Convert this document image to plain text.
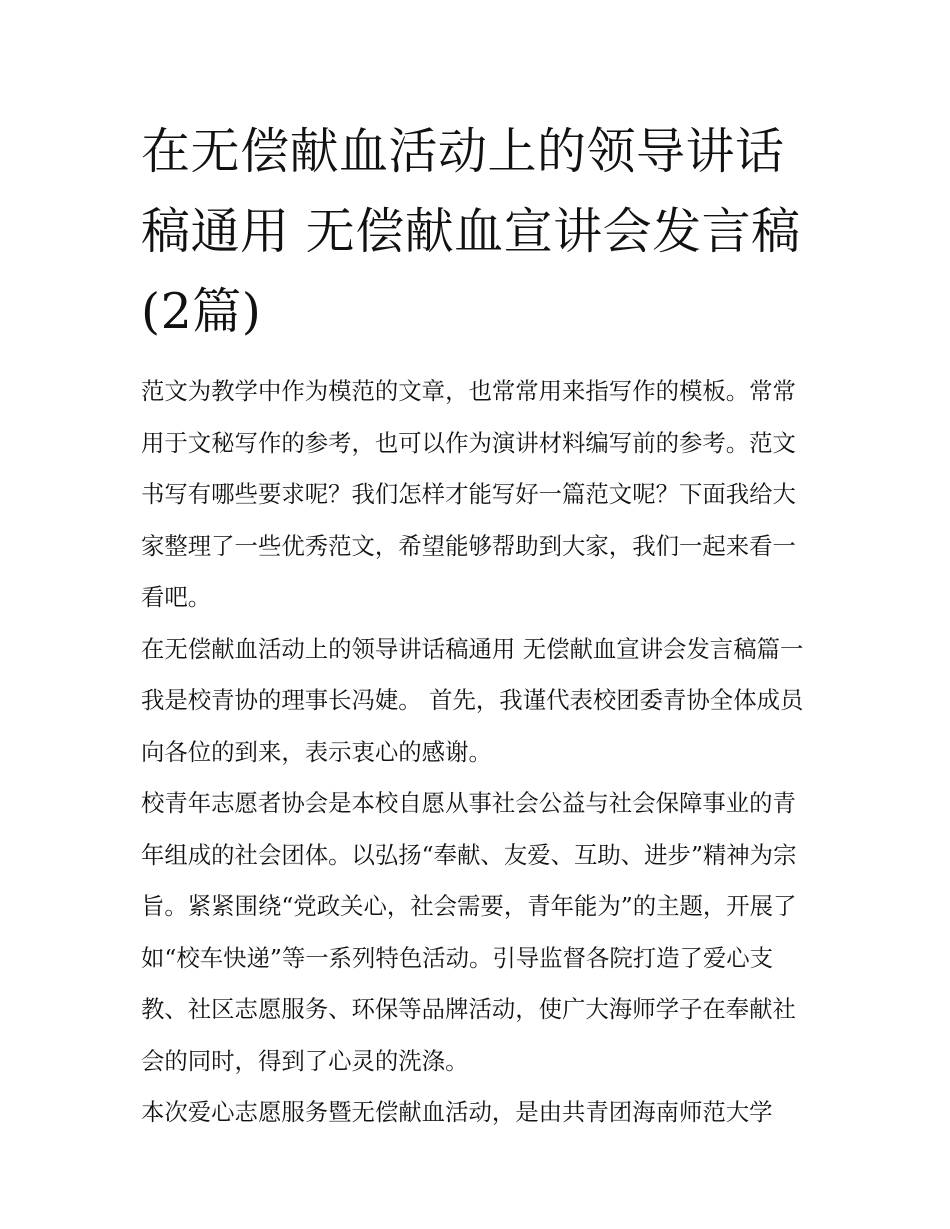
在无偿献血活动上的领导讲话稿通用 无偿献血宣讲会发言稿(2篇)

范文为教学中作为模范的文章，也常常用来指写作的模板。常常用于文秘写作的参考，也可以作为演讲材料编写前的参考。范文书写有哪些要求呢？我们怎样才能写好一篇范文呢？下面我给大家整理了一些优秀范文，希望能够帮助到大家，我们一起来看一看吧。

在无偿献血活动上的领导讲话稿通用 无偿献血宣讲会发言稿篇一 我是校青协的理事长冯婕。 首先，我谨代表校团委青协全体成员向各位的到来，表示衷心的感谢。

校青年志愿者协会是本校自愿从事社会公益与社会保障事业的青年组成的社会团体。以弘扬“奉献、友爱、互助、进步”精神为宗旨。紧紧围绕“党政关心，社会需要，青年能为”的主题，开展了如“校车快递”等一系列特色活动。引导监督各院打造了爱心支教、社区志愿服务、环保等品牌活动，使广大海师学子在奉献社会的同时，得到了心灵的洗涤。

本次爱心志愿服务暨无偿献血活动，是由共青团海南师范大学
